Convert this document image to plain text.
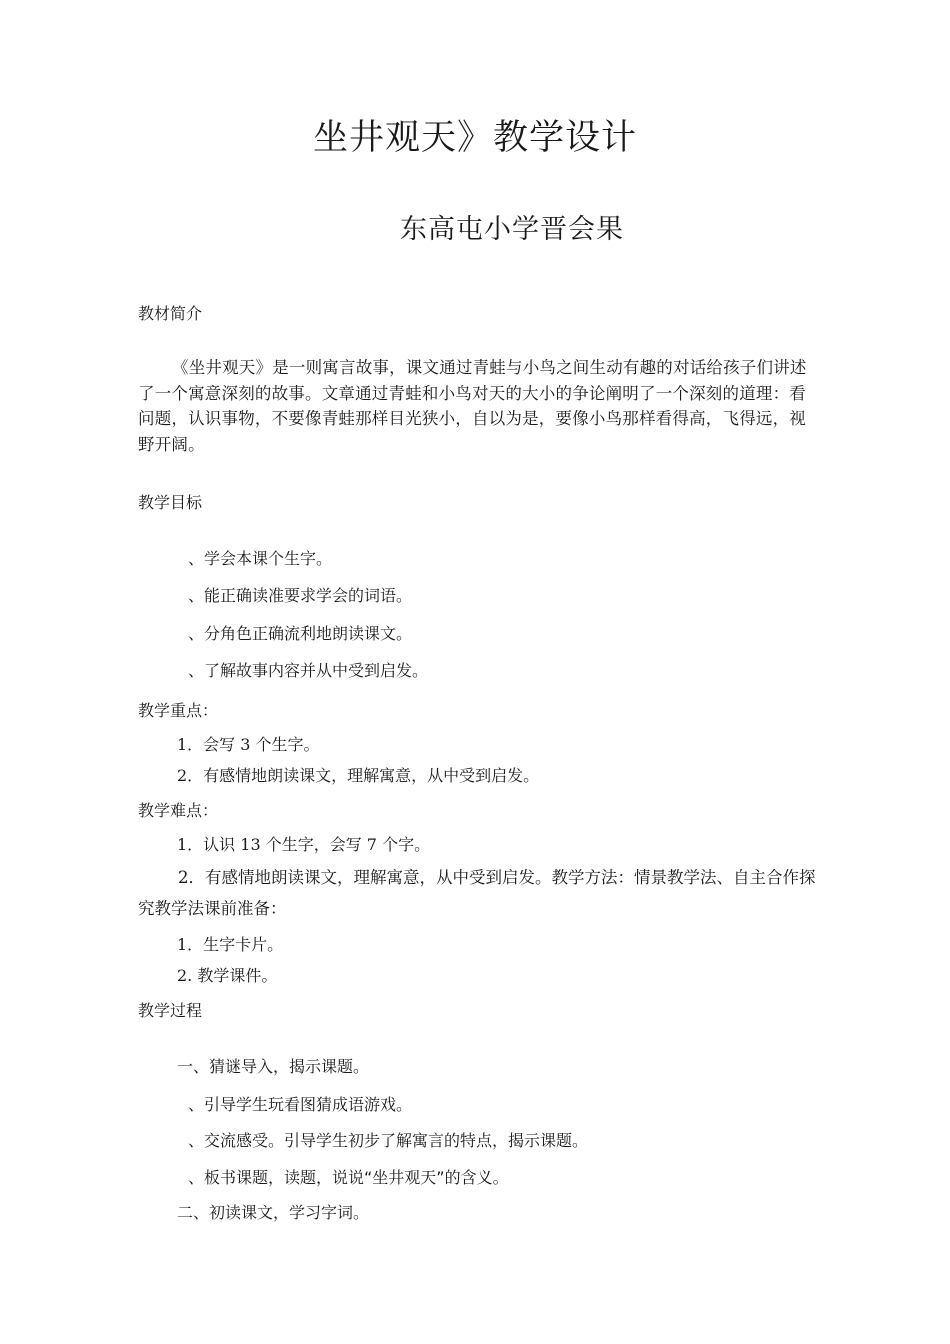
坐井观天》教学设计
东高屯小学晋会果
教材简介
《坐井观天》是一则寓言故事，课文通过青蛙与小鸟之间生动有趣的对话给孩子们讲述了一个寓意深刻的故事。文章通过青蛙和小鸟对天的大小的争论阐明了一个深刻的道理：看问题，认识事物，不要像青蛙那样目光狭小，自以为是，要像小鸟那样看得高，飞得远，视野开阔。
教学目标
、学会本课个生字。
、能正确读准要求学会的词语。
、分角色正确流利地朗读课文。
、了解故事内容并从中受到启发。
教学重点：
1．会写 3 个生字。
2．有感情地朗读课文，理解寓意，从中受到启发。
教学难点：
1．认识 13 个生字，会写 7 个字。
2．有感情地朗读课文，理解寓意，从中受到启发。教学方法：情景教学法、自主合作探究教学法课前准备：
1．生字卡片。
2. 教学课件。
教学过程
一、猜谜导入，揭示课题。
、引导学生玩看图猜成语游戏。
、交流感受。引导学生初步了解寓言的特点，揭示课题。
、板书课题，读题，说说“坐井观天”的含义。
二、初读课文，学习字词。
